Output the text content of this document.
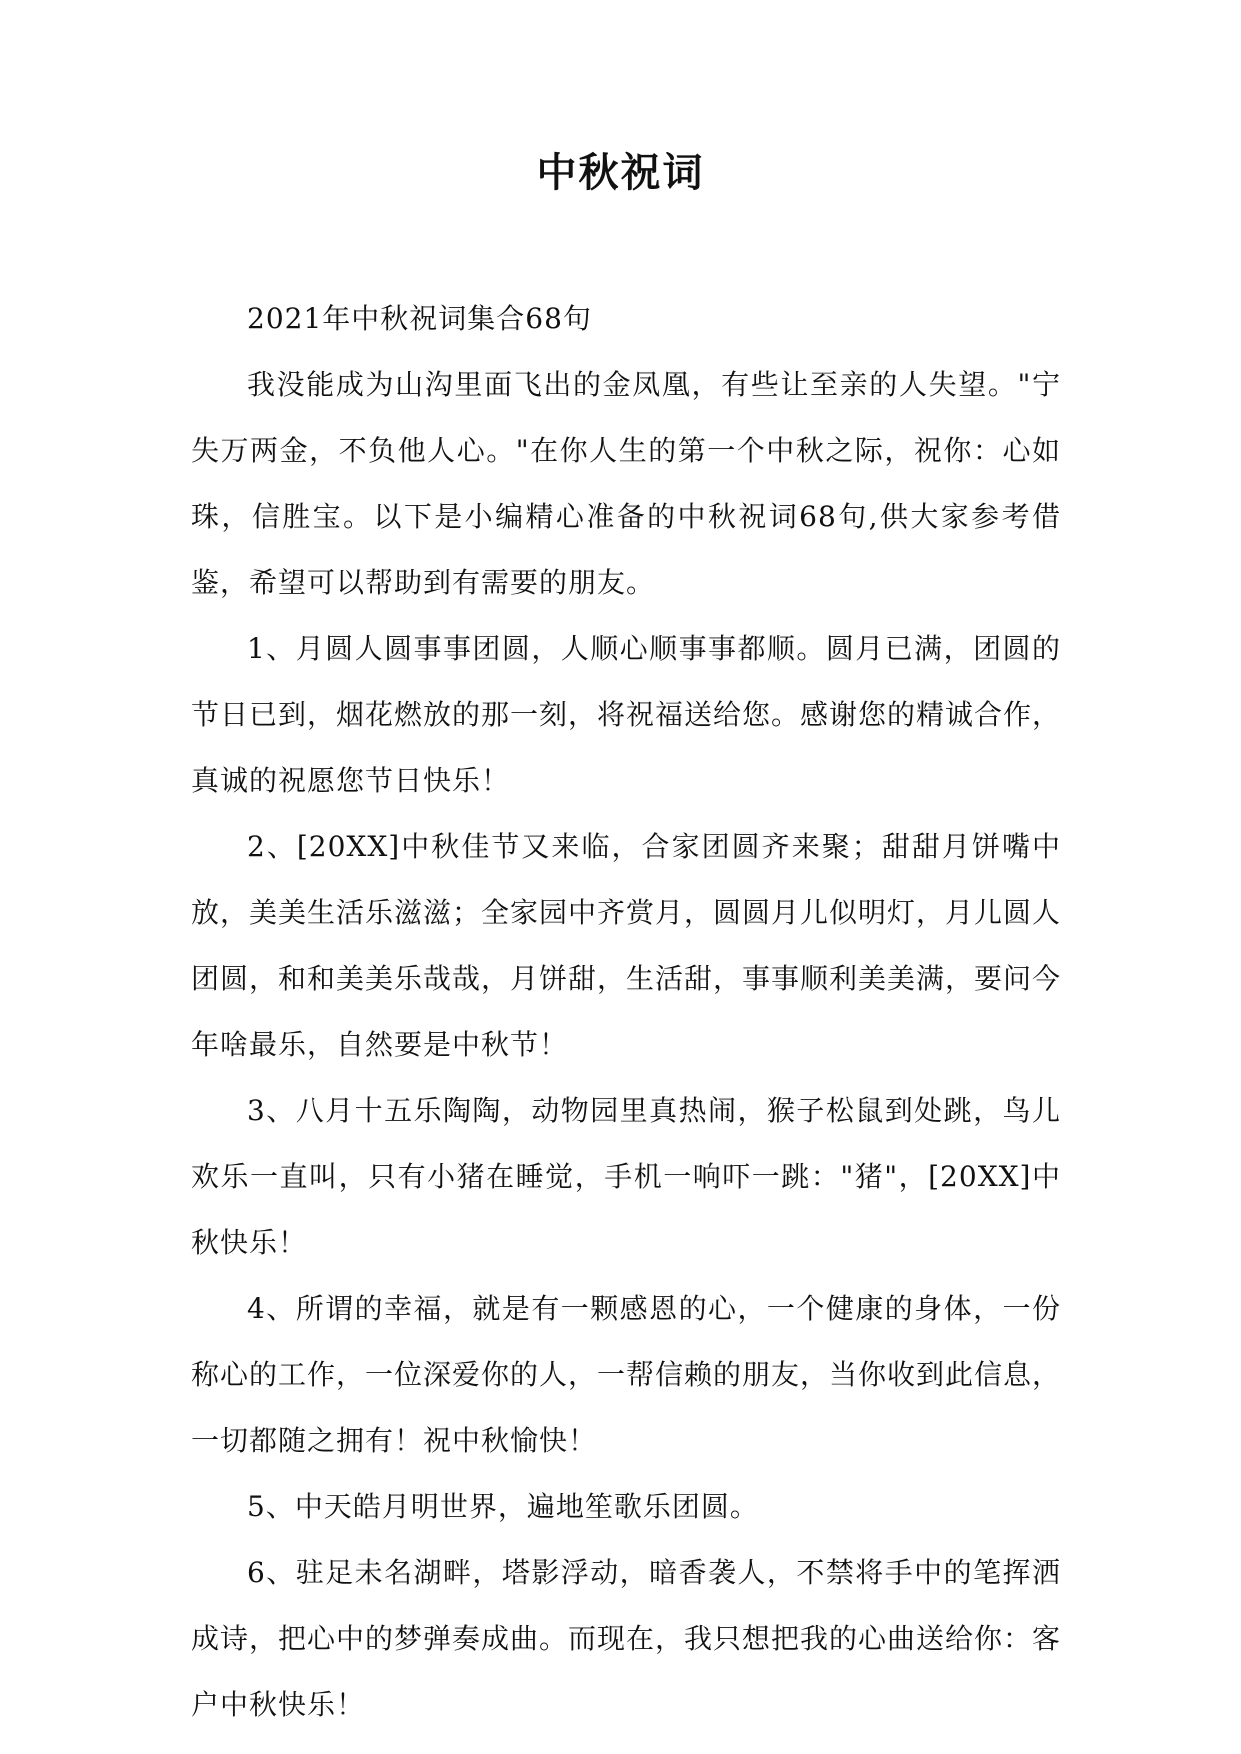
中秋祝词

2021年中秋祝词集合68句

我没能成为山沟里面飞出的金凤凰，有些让至亲的人失望。"宁失万两金，不负他人心。"在你人生的第一个中秋之际，祝你：心如珠，信胜宝。以下是小编精心准备的中秋祝词68句,供大家参考借鉴，希望可以帮助到有需要的朋友。

1、月圆人圆事事团圆，人顺心顺事事都顺。圆月已满，团圆的节日已到，烟花燃放的那一刻，将祝福送给您。感谢您的精诚合作，真诚的祝愿您节日快乐！

2、[20XX]中秋佳节又来临，合家团圆齐来聚；甜甜月饼嘴中放，美美生活乐滋滋；全家园中齐赏月，圆圆月儿似明灯，月儿圆人团圆，和和美美乐哉哉，月饼甜，生活甜，事事顺利美美满，要问今年啥最乐，自然要是中秋节！

3、八月十五乐陶陶，动物园里真热闹，猴子松鼠到处跳，鸟儿欢乐一直叫，只有小猪在睡觉，手机一响吓一跳："猪"，[20XX]中秋快乐！

4、所谓的幸福，就是有一颗感恩的心，一个健康的身体，一份称心的工作，一位深爱你的人，一帮信赖的朋友，当你收到此信息，一切都随之拥有！祝中秋愉快！

5、中天皓月明世界，遍地笙歌乐团圆。

6、驻足未名湖畔，塔影浮动，暗香袭人，不禁将手中的笔挥洒成诗，把心中的梦弹奏成曲。而现在，我只想把我的心曲送给你：客户中秋快乐！
